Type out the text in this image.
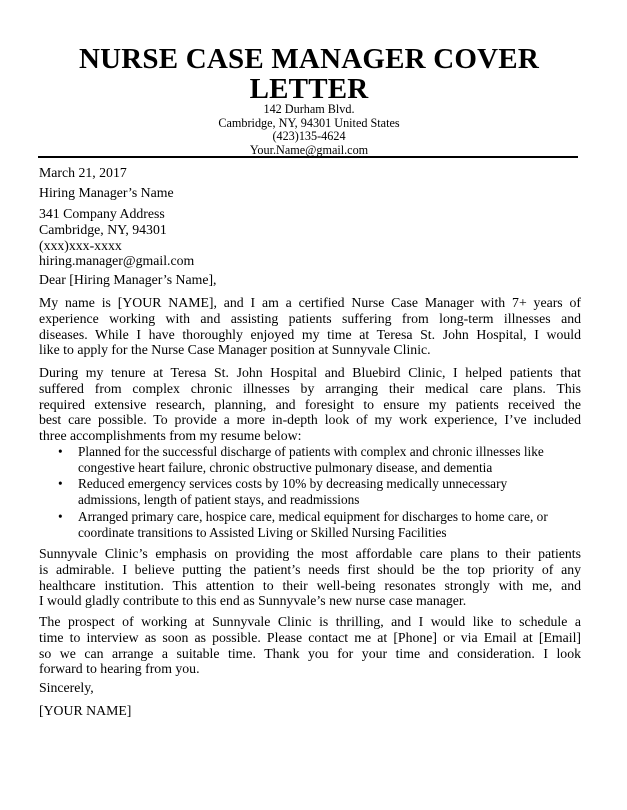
NURSE CASE MANAGER COVER
LETTER
142 Durham Blvd.
Cambridge, NY, 94301 United States
(423)135-4624
Your.Name@gmail.com
March 21, 2017
Hiring Manager’s Name
341 Company Address
Cambridge, NY, 94301
(xxx)xxx-xxxx
hiring.manager@gmail.com
Dear [Hiring Manager’s Name],
My name is [YOUR NAME], and I am a certified Nurse Case Manager with 7+ years of
experience working with and assisting patients suffering from long-term illnesses and
diseases. While I have thoroughly enjoyed my time at Teresa St. John Hospital, I would
like to apply for the Nurse Case Manager position at Sunnyvale Clinic.
During my tenure at Teresa St. John Hospital and Bluebird Clinic, I helped patients that
suffered from complex chronic illnesses by arranging their medical care plans. This
required extensive research, planning, and foresight to ensure my patients received the
best care possible. To provide a more in-depth look of my work experience, I’ve included
three accomplishments from my resume below:
• Planned for the successful discharge of patients with complex and chronic illnesses like
congestive heart failure, chronic obstructive pulmonary disease, and dementia
• Reduced emergency services costs by 10% by decreasing medically unnecessary
admissions, length of patient stays, and readmissions
• Arranged primary care, hospice care, medical equipment for discharges to home care, or
coordinate transitions to Assisted Living or Skilled Nursing Facilities
Sunnyvale Clinic’s emphasis on providing the most affordable care plans to their patients
is admirable. I believe putting the patient’s needs first should be the top priority of any
healthcare institution. This attention to their well-being resonates strongly with me, and
I would gladly contribute to this end as Sunnyvale’s new nurse case manager.
The prospect of working at Sunnyvale Clinic is thrilling, and I would like to schedule a
time to interview as soon as possible. Please contact me at [Phone] or via Email at [Email]
so we can arrange a suitable time. Thank you for your time and consideration. I look
forward to hearing from you.
Sincerely,
[YOUR NAME]
